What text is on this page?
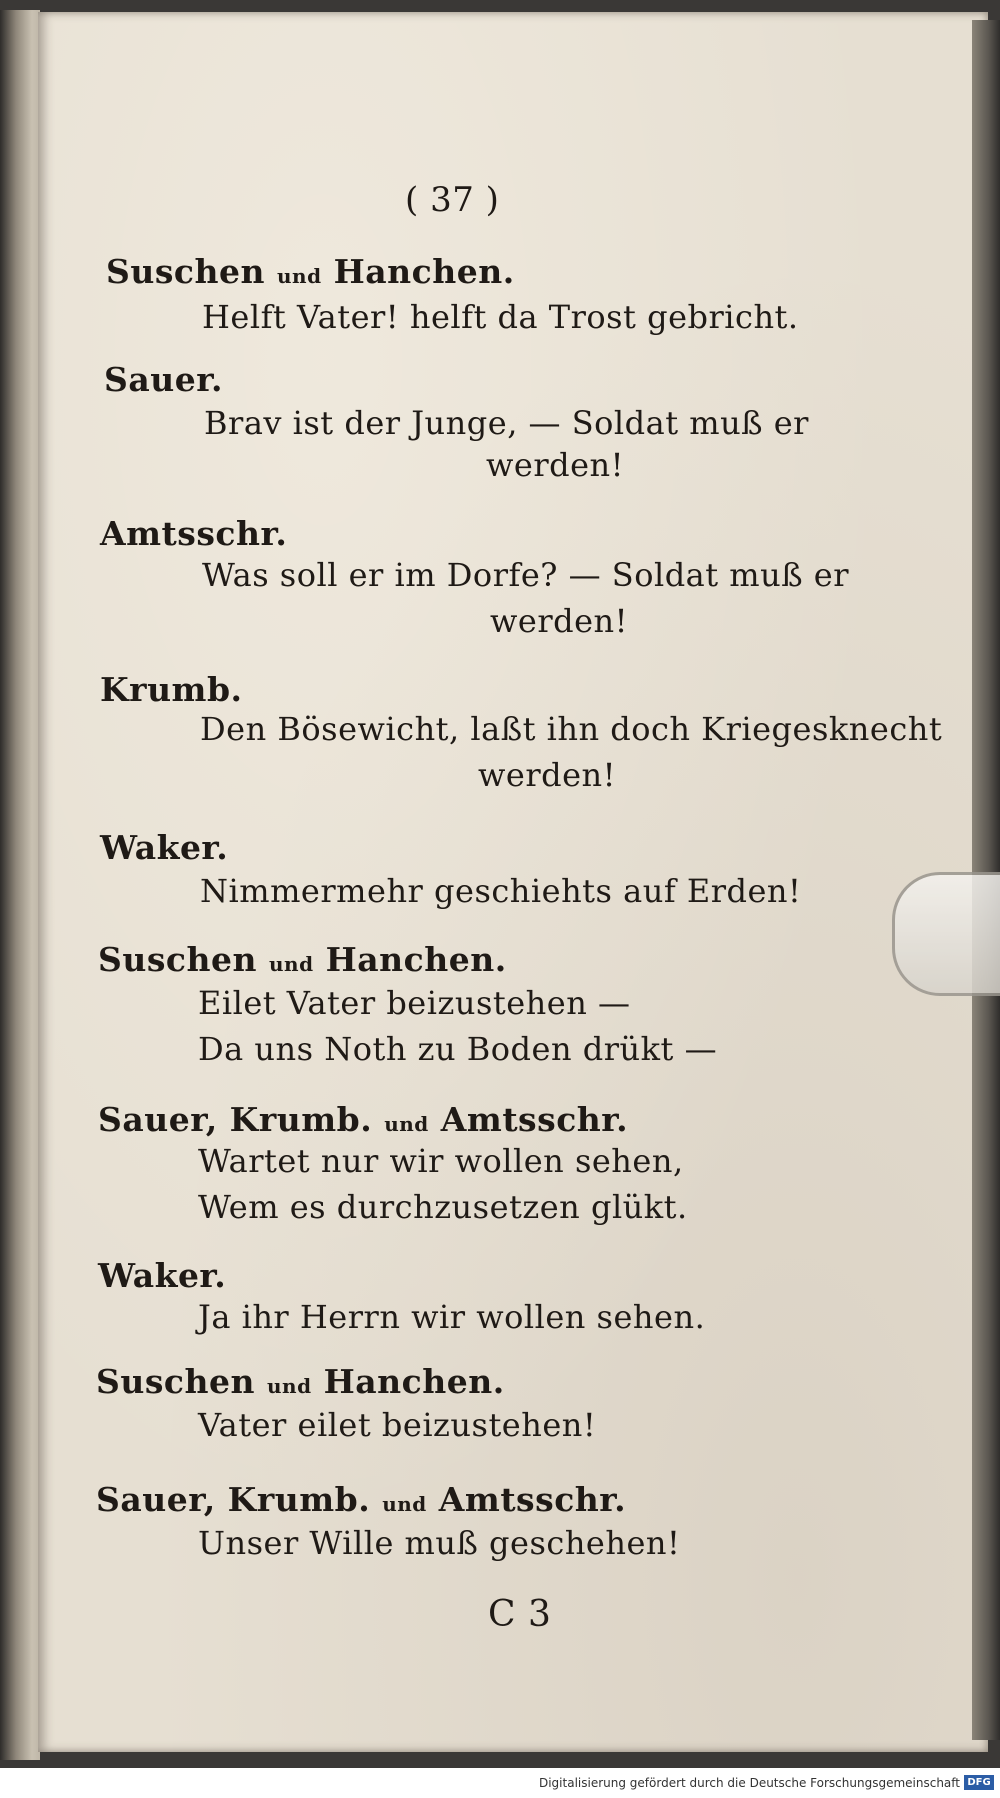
( 37 )
Suschen und Hanchen.
Helft Vater! helft da Trost gebricht.
Sauer.
Brav ist der Junge, — Soldat muß er
werden!
Amtsschr.
Was soll er im Dorfe? — Soldat muß er
werden!
Krumb.
Den Bösewicht, laßt ihn doch Kriegesknecht
werden!
Waker.
Nimmermehr geschiehts auf Erden!
Suschen und Hanchen.
Eilet Vater beizustehen —
Da uns Noth zu Boden drükt —
Sauer, Krumb. und Amtsschr.
Wartet nur wir wollen sehen,
Wem es durchzusetzen glükt.
Waker.
Ja ihr Herrn wir wollen sehen.
Suschen und Hanchen.
Vater eilet beizustehen!
Sauer, Krumb. und Amtsschr.
Unser Wille muß geschehen!
C 3
Digitalisierung gefördert durch die Deutsche Forschungsgemeinschaft DFG
